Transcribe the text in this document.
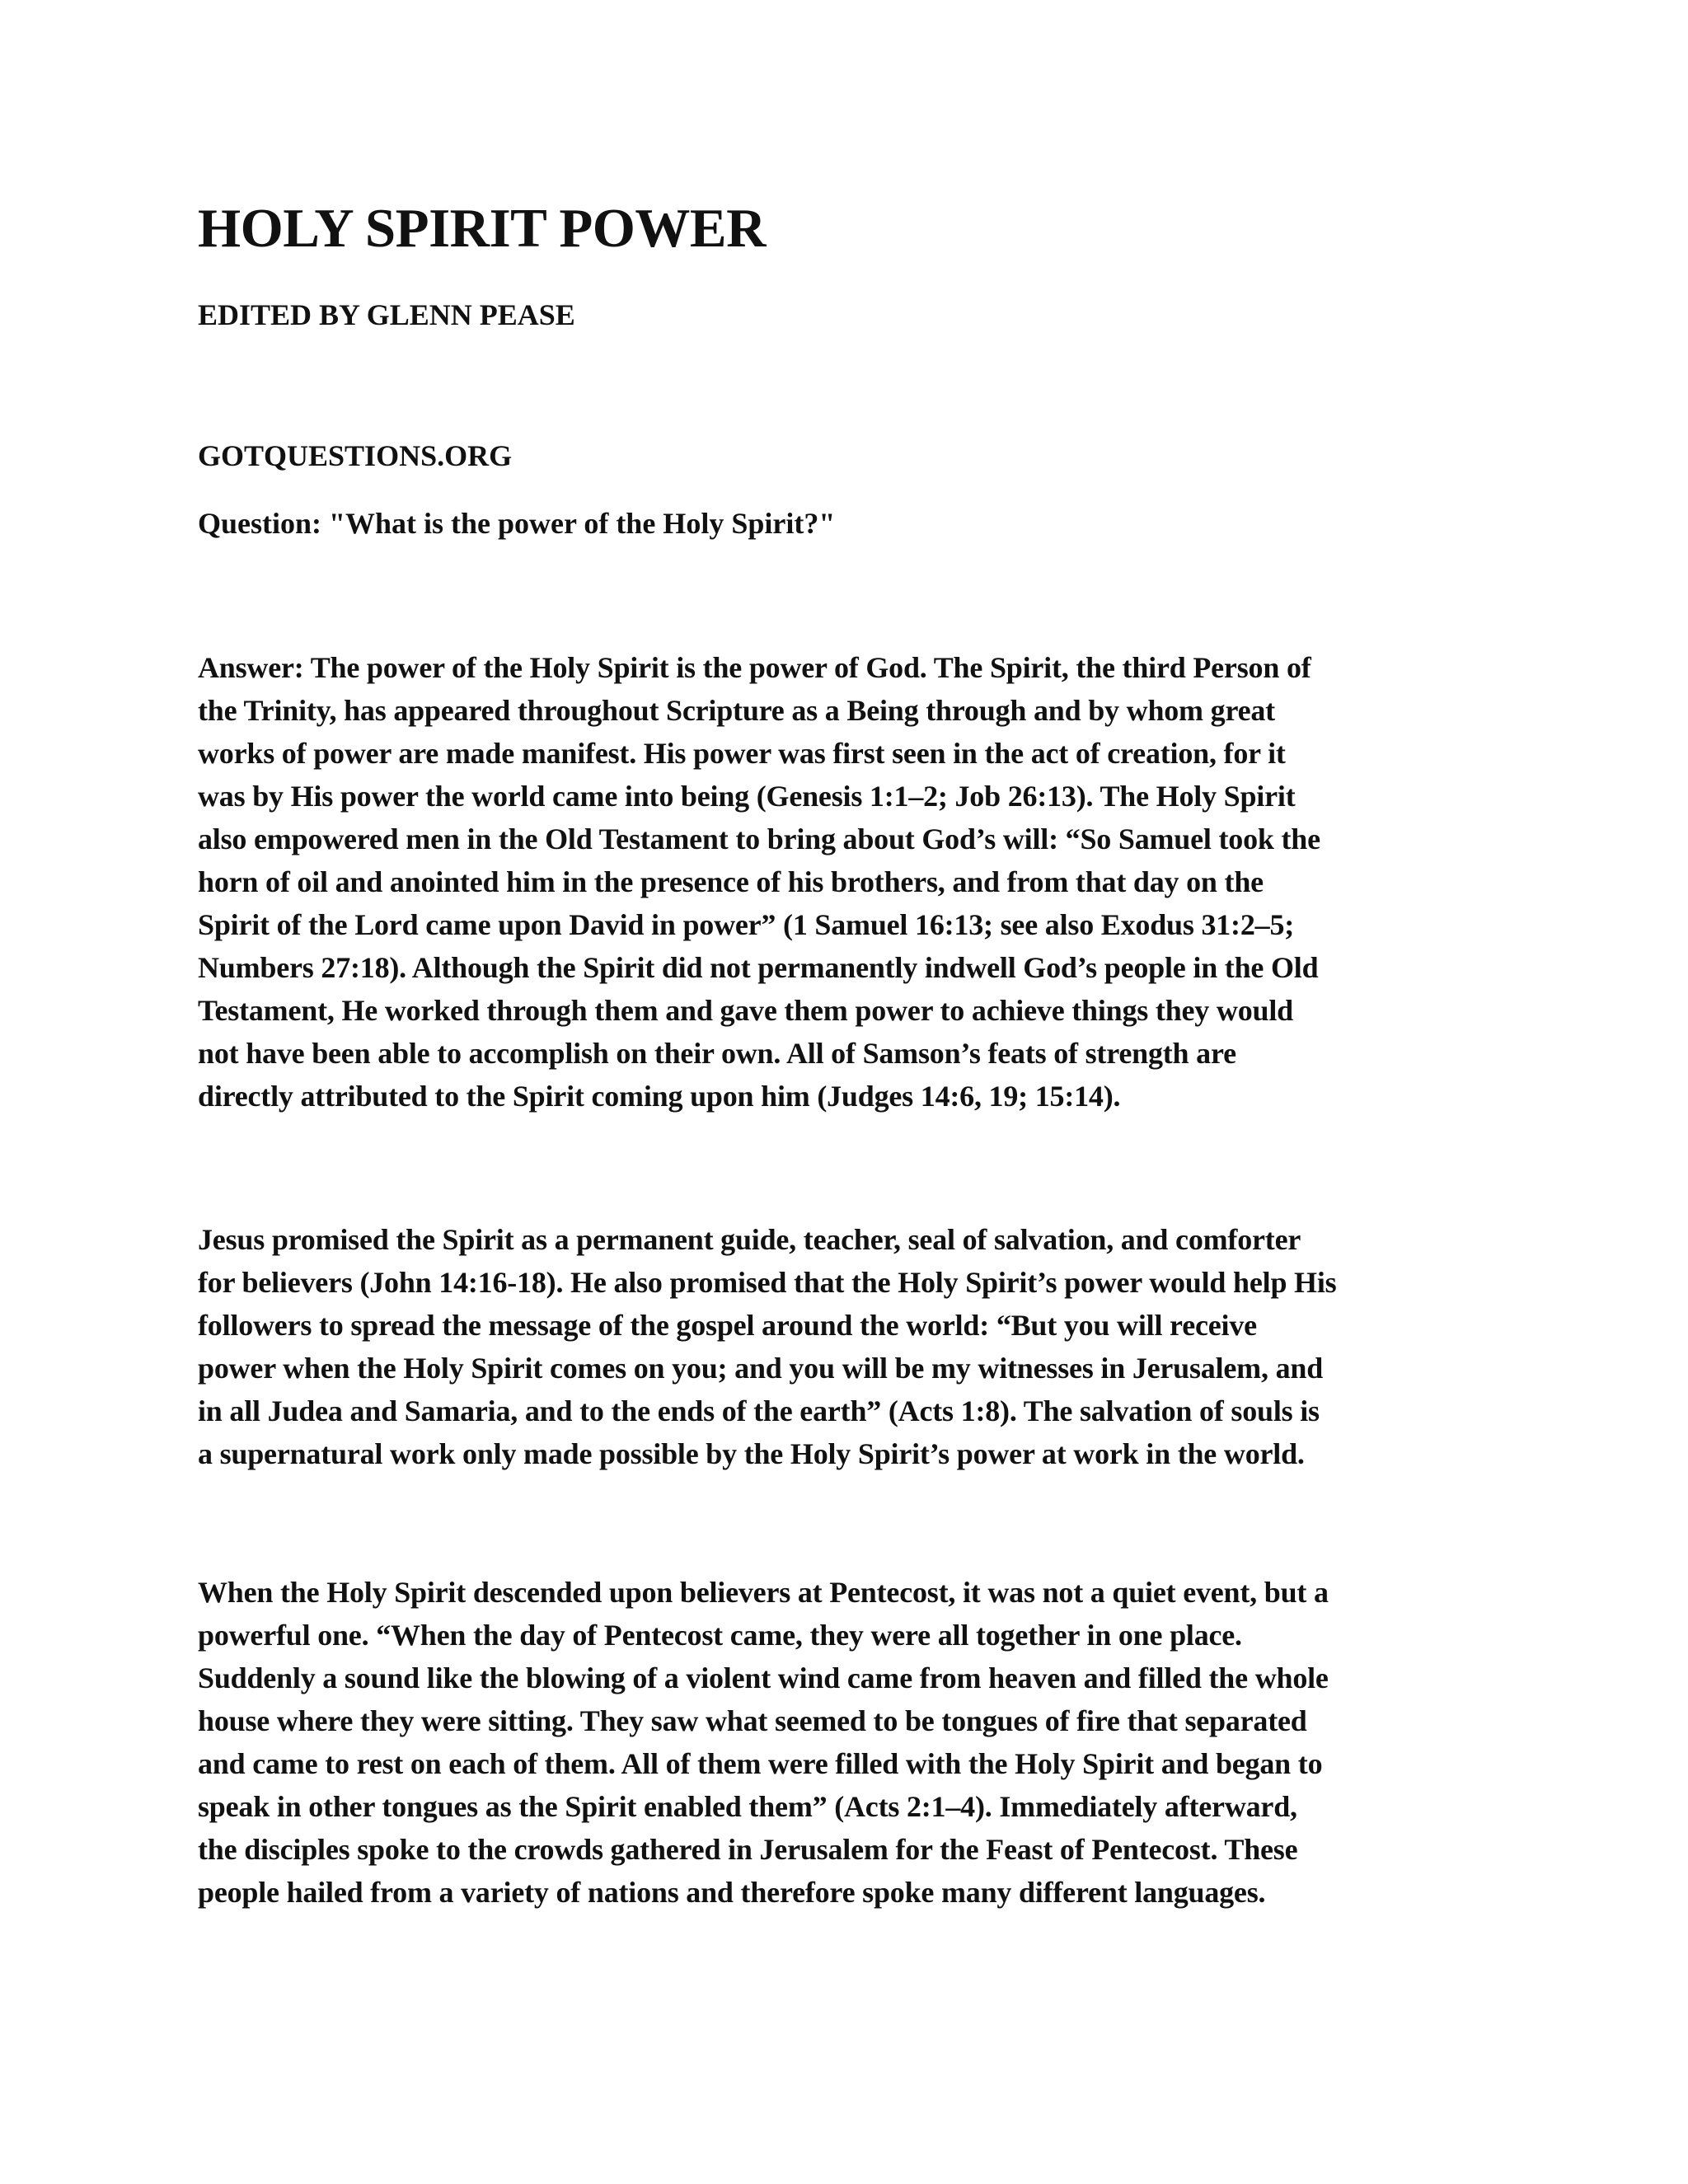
HOLY SPIRIT POWER

EDITED BY GLENN PEASE

GOTQUESTIONS.ORG

Question: "What is the power of the Holy Spirit?"

Answer: The power of the Holy Spirit is the power of God. The Spirit, the third Person of
the Trinity, has appeared throughout Scripture as a Being through and by whom great
works of power are made manifest. His power was first seen in the act of creation, for it
was by His power the world came into being (Genesis 1:1–2; Job 26:13). The Holy Spirit
also empowered men in the Old Testament to bring about God’s will: “So Samuel took the
horn of oil and anointed him in the presence of his brothers, and from that day on the
Spirit of the Lord came upon David in power” (1 Samuel 16:13; see also Exodus 31:2–5;
Numbers 27:18). Although the Spirit did not permanently indwell God’s people in the Old
Testament, He worked through them and gave them power to achieve things they would
not have been able to accomplish on their own. All of Samson’s feats of strength are
directly attributed to the Spirit coming upon him (Judges 14:6, 19; 15:14).
Jesus promised the Spirit as a permanent guide, teacher, seal of salvation, and comforter
for believers (John 14:16-18). He also promised that the Holy Spirit’s power would help His
followers to spread the message of the gospel around the world: “But you will receive
power when the Holy Spirit comes on you; and you will be my witnesses in Jerusalem, and
in all Judea and Samaria, and to the ends of the earth” (Acts 1:8). The salvation of souls is
a supernatural work only made possible by the Holy Spirit’s power at work in the world.
When the Holy Spirit descended upon believers at Pentecost, it was not a quiet event, but a
powerful one. “When the day of Pentecost came, they were all together in one place.
Suddenly a sound like the blowing of a violent wind came from heaven and filled the whole
house where they were sitting. They saw what seemed to be tongues of fire that separated
and came to rest on each of them. All of them were filled with the Holy Spirit and began to
speak in other tongues as the Spirit enabled them” (Acts 2:1–4). Immediately afterward,
the disciples spoke to the crowds gathered in Jerusalem for the Feast of Pentecost. These
people hailed from a variety of nations and therefore spoke many different languages.
